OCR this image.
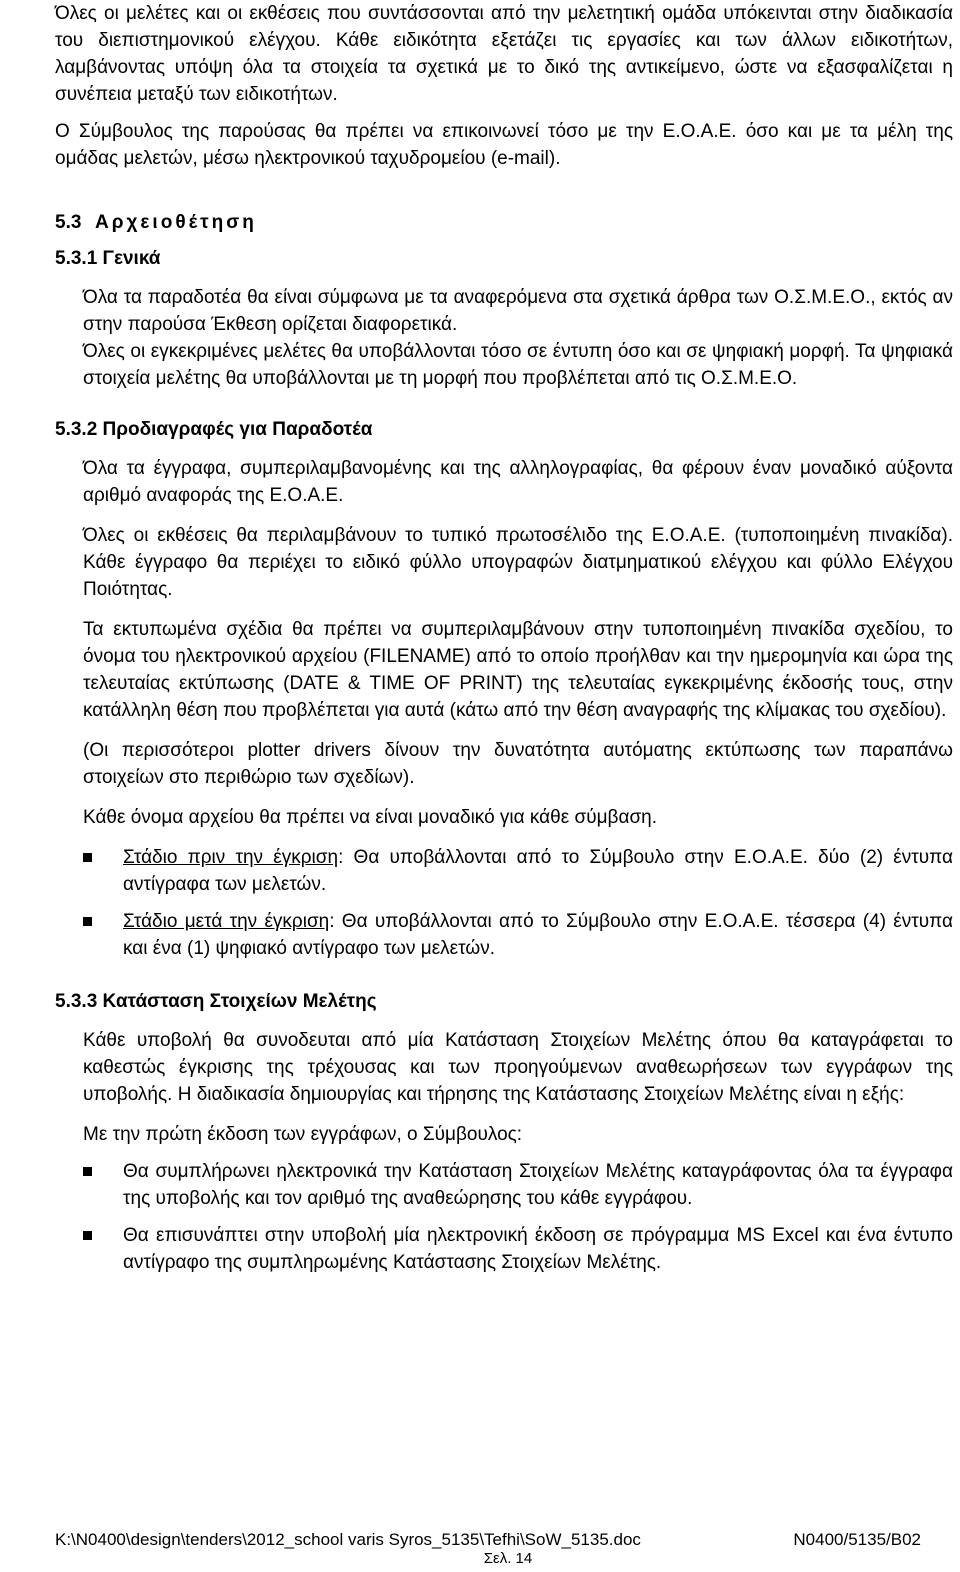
Όλες οι μελέτες και οι εκθέσεις που συντάσσονται από την μελετητική ομάδα υπόκεινται στην διαδικασία του διεπιστημονικού ελέγχου. Κάθε ειδικότητα εξετάζει τις εργασίες και των άλλων ειδικοτήτων, λαμβάνοντας υπόψη όλα τα στοιχεία τα σχετικά με το δικό της αντικείμενο, ώστε να εξασφαλίζεται η συνέπεια μεταξύ των ειδικοτήτων.

Ο Σύμβουλος της παρούσας θα πρέπει να επικοινωνεί τόσο με την Ε.Ο.Α.Ε. όσο και με τα μέλη της ομάδας μελετών, μέσω ηλεκτρονικού ταχυδρομείου (e-mail).

5.3 Αρχειοθέτηση
5.3.1 Γενικά

Όλα τα παραδοτέα θα είναι σύμφωνα με τα αναφερόμενα στα σχετικά άρθρα των Ο.Σ.Μ.Ε.Ο., εκτός αν στην παρούσα Έκθεση ορίζεται διαφορετικά.

Όλες οι εγκεκριμένες μελέτες θα υποβάλλονται τόσο σε έντυπη όσο και σε ψηφιακή μορφή. Τα ψηφιακά στοιχεία μελέτης θα υποβάλλονται με τη μορφή που προβλέπεται από τις Ο.Σ.Μ.Ε.Ο.

5.3.2 Προδιαγραφές για Παραδοτέα

Όλα τα έγγραφα, συμπεριλαμβανομένης και της αλληλογραφίας, θα φέρουν έναν μοναδικό αύξοντα αριθμό αναφοράς της Ε.Ο.Α.Ε.

Όλες οι εκθέσεις θα περιλαμβάνουν το τυπικό πρωτοσέλιδο της Ε.Ο.Α.Ε. (τυποποιημένη πινακίδα). Κάθε έγγραφο θα περιέχει το ειδικό φύλλο υπογραφών διατμηματικού ελέγχου και φύλλο Ελέγχου Ποιότητας.

Τα εκτυπωμένα σχέδια θα πρέπει να συμπεριλαμβάνουν στην τυποποιημένη πινακίδα σχεδίου, το όνομα του ηλεκτρονικού αρχείου (FILENAME) από το οποίο προήλθαν και την ημερομηνία και ώρα της τελευταίας εκτύπωσης (DATE & TIME OF PRINT) της τελευταίας εγκεκριμένης έκδοσής τους, στην κατάλληλη θέση που προβλέπεται για αυτά (κάτω από την θέση αναγραφής της κλίμακας του σχεδίου).

(Οι περισσότεροι plotter drivers δίνουν την δυνατότητα αυτόματης εκτύπωσης των παραπάνω στοιχείων στο περιθώριο των σχεδίων).

Κάθε όνομα αρχείου θα πρέπει να είναι μοναδικό για κάθε σύμβαση.

Στάδιο πριν την έγκριση: Θα υποβάλλονται από το Σύμβουλο στην Ε.Ο.Α.Ε. δύο (2) έντυπα αντίγραφα των μελετών.
Στάδιο μετά την έγκριση: Θα υποβάλλονται από το Σύμβουλο στην Ε.Ο.Α.Ε. τέσσερα (4) έντυπα και ένα (1) ψηφιακό αντίγραφο των μελετών.
5.3.3 Κατάσταση Στοιχείων Μελέτης

Κάθε υποβολή θα συνοδευται από μία Κατάσταση Στοιχείων Μελέτης όπου θα καταγράφεται το καθεστώς έγκρισης της τρέχουσας και των προηγούμενων αναθεωρήσεων των εγγράφων της υποβολής. Η διαδικασία δημιουργίας και τήρησης της Κατάστασης Στοιχείων Μελέτης είναι η εξής:

Με την πρώτη έκδοση των εγγράφων, ο Σύμβουλος:

Θα συμπλήρωνει ηλεκτρονικά την Κατάσταση Στοιχείων Μελέτης καταγράφοντας όλα τα έγγραφα της υποβολής και τον αριθμό της αναθεώρησης του κάθε εγγράφου.
Θα επισυνάπτει στην υποβολή μία ηλεκτρονική έκδοση σε πρόγραμμα MS Excel και ένα έντυπο αντίγραφο της συμπληρωμένης Κατάστασης Στοιχείων Μελέτης.
K:\N0400\design\tenders\2012_school varis Syros_5135\Tefhi\SoW_5135.doc	N0400/5135/B02
Σελ. 14
